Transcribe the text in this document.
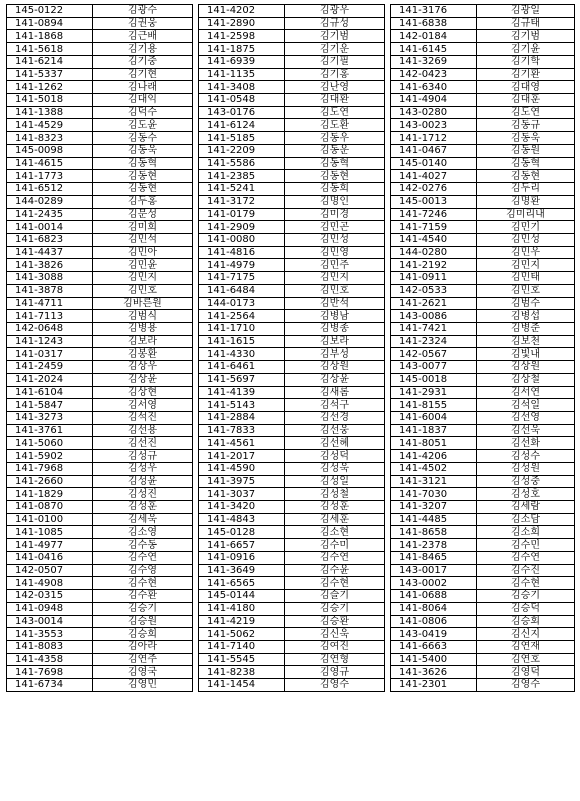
145-0122	김광수		141-4202	김광우		141-3176	김광일
141-0894	김권웅		141-2890	김규성		141-6838	김규태
141-1868	김근배		141-2598	김기범		142-0184	김기범
141-5618	김기용		141-1875	김기운		141-6145	김기윤
141-6214	김기중		141-6939	김기필		141-3269	김기학
141-5337	김기현		141-1135	김기홍		142-0423	김기환
141-1262	김나래		141-3408	김난영		141-6340	김대영
141-5018	김대익		141-0548	김대환		141-4904	김대훈
141-1388	김덕수		143-0176	김도연		143-0280	김도연
141-4529	김도윤		141-6124	김도환		143-0023	김동규
141-8323	김동수		141-5185	김동우		141-1712	김동욱
145-0098	김동욱		141-2209	김동운		141-0467	김동원
141-4615	김동혁		141-5586	김동혁		145-0140	김동혁
141-1773	김동현		141-2385	김동현		141-4027	김동현
141-6512	김동현		141-5241	김동희		142-0276	김두리
144-0289	김두홍		141-3172	김명인		145-0013	김명환
141-2435	김문성		141-0179	김미경		141-7246	김미리내
141-0014	김미희		141-2909	김민곤		141-7159	김민기
141-6823	김민석		141-0080	김민성		141-4540	김민성
141-4437	김민아		141-4816	김민영		144-0280	김민우
141-3826	김민윤		141-4979	김민주		141-2192	김민지
141-3088	김민지		141-7175	김민지		141-0911	김민태
141-3878	김민호		141-6484	김민호		142-0533	김민호
141-4711	김바른원		144-0173	김반석		141-2621	김범수
141-7113	김범식		141-2564	김병남		143-0086	김병섭
142-0648	김병용		141-1710	김병종		141-7421	김병준
141-1243	김보라		141-1615	김보라		141-2324	김보천
141-0317	김봉환		141-4330	김부성		142-0567	김빛내
141-2459	김상우		141-6461	김상원		143-0077	김상원
141-2024	김상윤		141-5697	김상윤		145-0018	김상철
141-6104	김상현		141-4139	김새롬		141-2931	김서연
141-5847	김서영		141-5143	김석구		141-8155	김석일
141-3273	김석진		141-2884	김선경		141-6004	김선영
141-3761	김선용		141-7833	김선웅		141-1837	김선욱
141-5060	김선진		141-4561	김선혜		141-8051	김선화
141-5902	김성규		141-2017	김성덕		141-4206	김성수
141-7968	김성우		141-4590	김성욱		141-4502	김성원
141-2660	김성윤		141-3975	김성일		141-3121	김성중
141-1829	김성진		141-3037	김성철		141-7030	김성호
141-0870	김성훈		141-3420	김성훈		141-3207	김세람
141-0100	김세욱		141-4843	김세훈		141-4485	김소담
141-1085	김소영		145-0128	김소현		141-8658	김소희
141-4977	김수동		141-6657	김수미		141-2378	김수민
141-0416	김수연		141-0916	김수연		141-8465	김수연
142-0507	김수영		141-3649	김수윤		143-0017	김수진
141-4908	김수현		141-6565	김수현		143-0002	김수현
142-0315	김수환		145-0144	김슬기		141-0688	김승기
141-0948	김승기		141-4180	김승기		141-8064	김승덕
143-0014	김승원		141-4219	김승환		141-0806	김승회
141-3553	김승희		141-5062	김신욱		143-0419	김신지
141-8083	김아라		141-7140	김여진		141-6663	김연재
141-4358	김연주		141-5545	김연형		141-5400	김연호
141-7698	김영국		141-8238	김영규		141-3626	김영덕
141-6734	김영민		141-1454	김영수		141-2301	김영수
